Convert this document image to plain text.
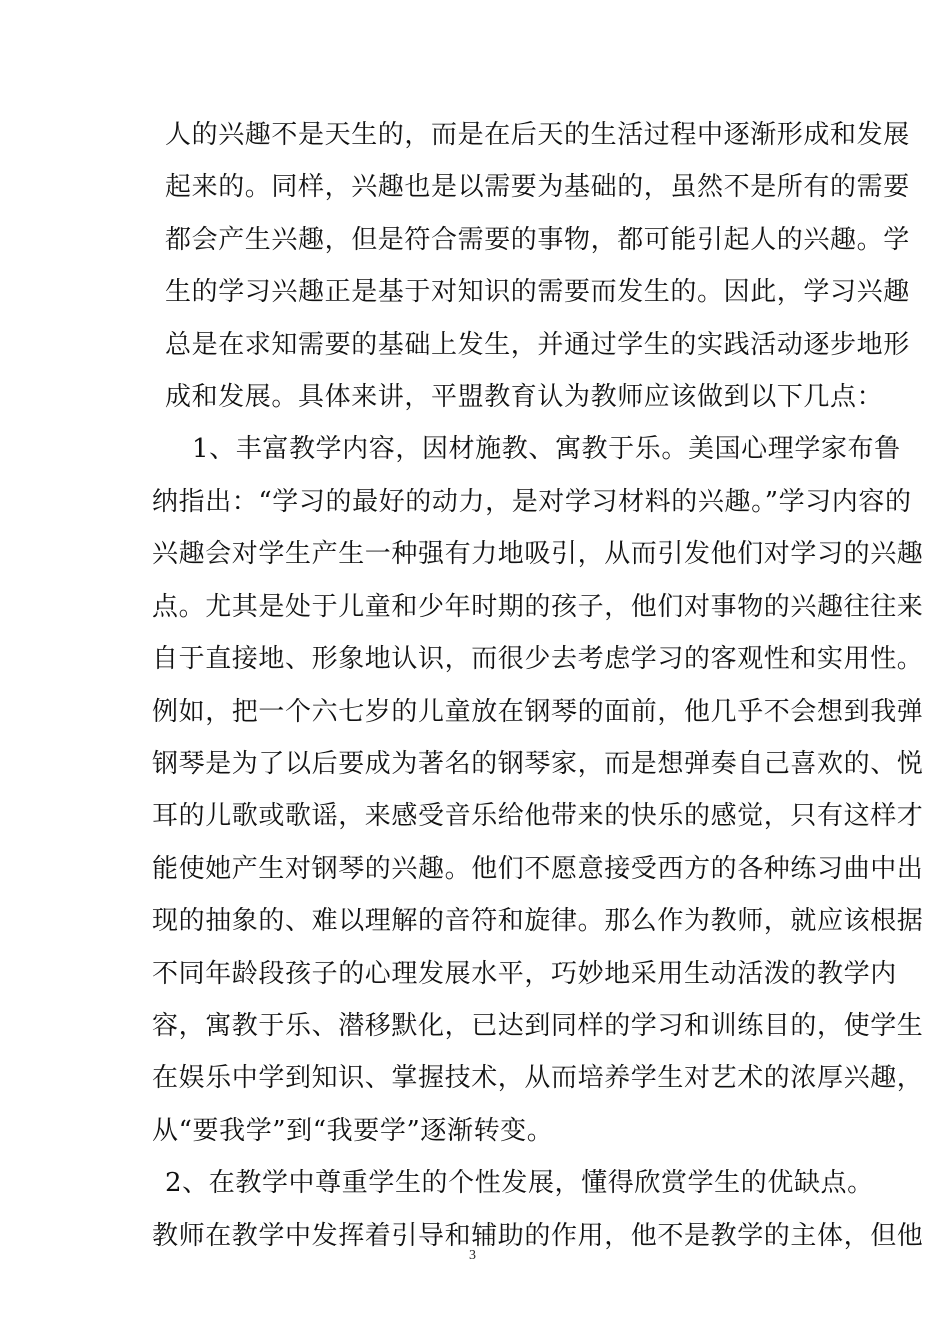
人的兴趣不是天生的，而是在后天的生活过程中逐渐形成和发展
起来的。同样，兴趣也是以需要为基础的，虽然不是所有的需要
都会产生兴趣，但是符合需要的事物，都可能引起人的兴趣。学
生的学习兴趣正是基于对知识的需要而发生的。因此，学习兴趣
总是在求知需要的基础上发生，并通过学生的实践活动逐步地形
成和发展。具体来讲，平盟教育认为教师应该做到以下几点：
1、丰富教学内容，因材施教、寓教于乐。美国心理学家布鲁
纳指出：“学习的最好的动力，是对学习材料的兴趣。”学习内容的
兴趣会对学生产生一种强有力地吸引，从而引发他们对学习的兴趣
点。尤其是处于儿童和少年时期的孩子，他们对事物的兴趣往往来
自于直接地、形象地认识，而很少去考虑学习的客观性和实用性。
例如，把一个六七岁的儿童放在钢琴的面前，他几乎不会想到我弹
钢琴是为了以后要成为著名的钢琴家，而是想弹奏自己喜欢的、悦
耳的儿歌或歌谣，来感受音乐给他带来的快乐的感觉，只有这样才
能使她产生对钢琴的兴趣。他们不愿意接受西方的各种练习曲中出
现的抽象的、难以理解的音符和旋律。那么作为教师，就应该根据
不同年龄段孩子的心理发展水平，巧妙地采用生动活泼的教学内
容，寓教于乐、潜移默化，已达到同样的学习和训练目的，使学生
在娱乐中学到知识、掌握技术，从而培养学生对艺术的浓厚兴趣，
从“要我学”到“我要学”逐渐转变。
2、在教学中尊重学生的个性发展，懂得欣赏学生的优缺点。
教师在教学中发挥着引导和辅助的作用，他不是教学的主体，但他
3
